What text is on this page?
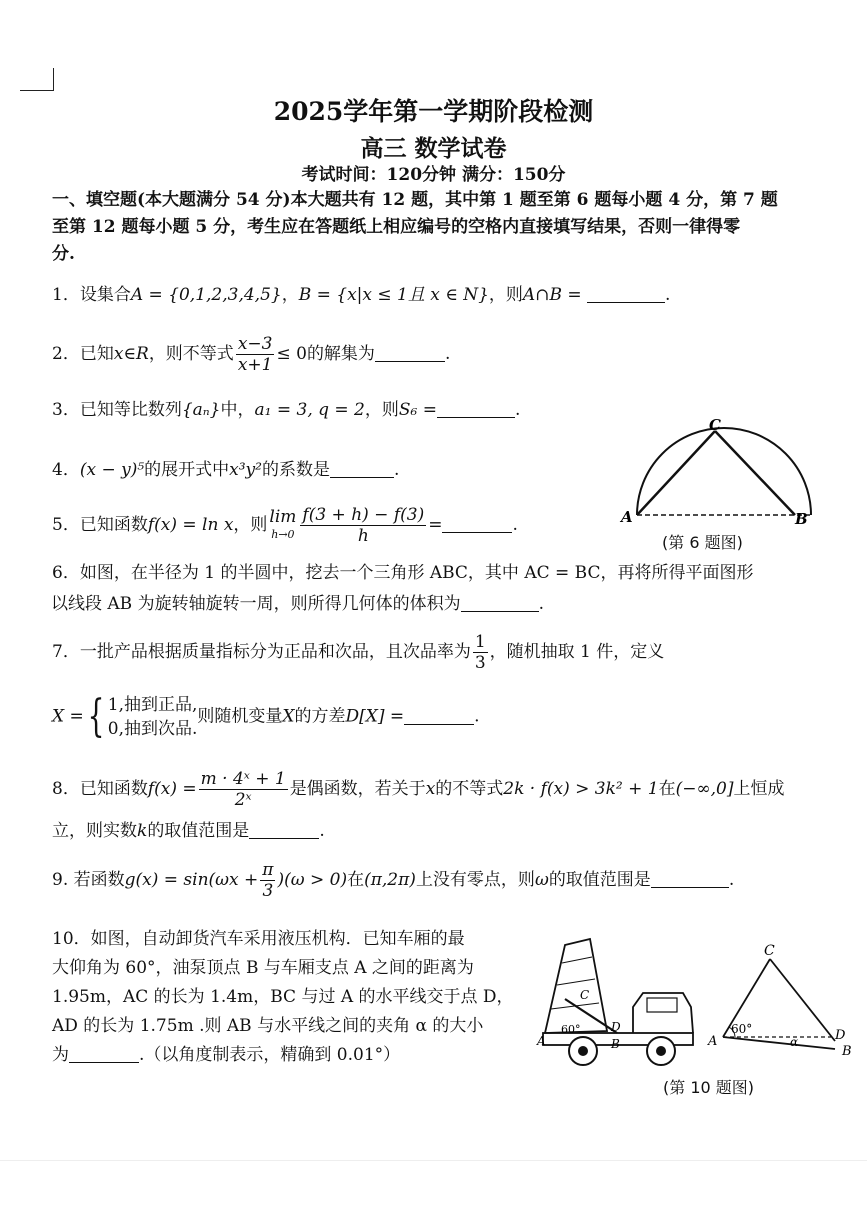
2025学年第一学期阶段检测
高三 数学试卷
考试时间：120分钟 满分：150分
一、填空题(本大题满分 54 分)本大题共有 12 题，其中第 1 题至第 6 题每小题 4 分，第 7 题
至第 12 题每小题 5 分，考生应在答题纸上相应编号的空格内直接填写结果，否则一律得零
分.
1．设集合A = {0,1,2,3,4,5}，B = {x|x ≤ 1且 x ∈ N}，则A∩B =	.
2．已知x∈R，则不等式 $\frac{x-3}{x+1} \le 0$的解集为	.
3．已知等比数列{aₙ}中，a₁ = 3, q = 2，则S₆ =	.
4．(x − y)⁵的展开式中x³y²的系数是	.
5．已知函数f(x) = ln x，则 lim
$h\to 0 \frac{f(3 + h) - f(3)}{h}$ =	.	A	B
C
(第 6 题图)
6．如图，在半径为 1 的半圆中，挖去一个三角形 ABC，其中 AC = BC，再将所得平面图形
以线段 AB 为旋转轴旋转一周，则所得几何体的体积为	.
7．一批产品根据质量指标分为正品和次品，且次品率为 $\frac{1}{3}$ ，随机抽取 1 件，定义
X ={ 1,抽到正品,
0,抽到次品.
则随机变量X的方差D[X] =	.
8．已知函数$f(x) = \frac{\text{m · 4ˣ + 1}}{\text{2ˣ}}$ 是偶函数，若关于x的不等式2k · f(x) > 3k² + 1在(−∞,0]上恒成
立，则实数k的取值范围是	.
9. 若函数$g(x) = \sin(\omega x + \frac{\pi}{3} )(\omega > 0)$在(π,2π)上没有零点，则ω的取值范围是	.
10．如图，自动卸货汽车采用液压机构．已知车厢的最
大仰角为 60°，油泵顶点 B 与车厢支点 A 之间的距离为
1.95m，AC 的长为 1.4m，BC 与过 A 的水平线交于点 D，
AD 的长为 1.75m .则 AB 与水平线之间的夹角 α 的大小
为	.（以角度制表示，精确到 0.01°）
C
60°
A
D
B
C
A
60°
α	D
B
(第 10 题图)
